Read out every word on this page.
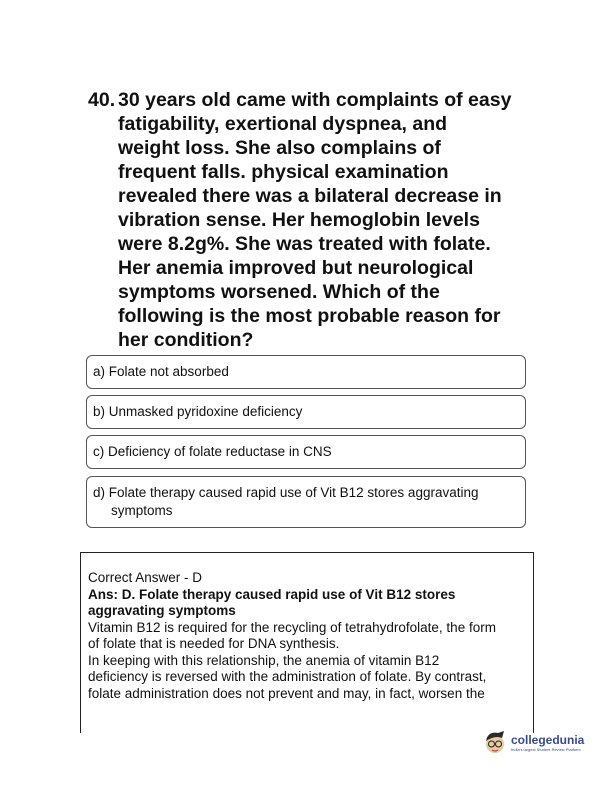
40. 30 years old came with complaints of easy
fatigability, exertional dyspnea, and
weight loss. She also complains of
frequent falls. physical examination
revealed there was a bilateral decrease in
vibration sense. Her hemoglobin levels
were 8.2g%. She was treated with folate.
Her anemia improved but neurological
symptoms worsened. Which of the
following is the most probable reason for
her condition?
a) Folate not absorbed
b) Unmasked pyridoxine deficiency
c) Deficiency of folate reductase in CNS
d) Folate therapy caused rapid use of Vit B12 stores aggravating
symptoms
Correct Answer - D
Ans: D. Folate therapy caused rapid use of Vit B12 stores
aggravating symptoms
Vitamin B12 is required for the recycling of tetrahydrofolate, the form
of folate that is needed for DNA synthesis.
In keeping with this relationship, the anemia of vitamin B12
deficiency is reversed with the administration of folate. By contrast,
folate administration does not prevent and may, in fact, worsen the
collegedunia
India's largest Student Review Platform
